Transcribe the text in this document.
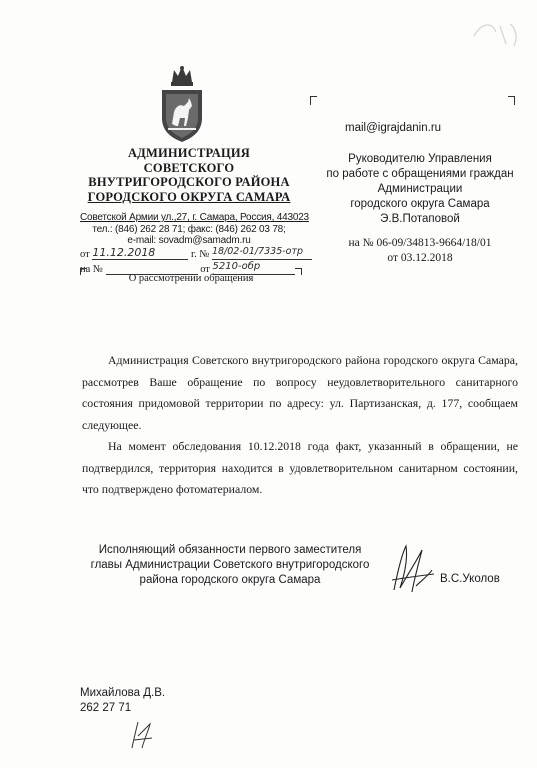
АДМИНИСТРАЦИЯ
СОВЕТСКОГО
ВНУТРИГОРОДСКОГО РАЙОНА
ГОРОДСКОГО ОКРУГА САМАРА
Советской Армии ул.,27, г. Самара, Россия, 443023
тел.: (846) 262 28 71; факс: (846) 262 03 78;
e-mail: sovadm@samadm.ru
от 11.12.2018	г. № 18/02-01/7335-отр
на №	от 5210-обр
О рассмотрении обращения
mail@igrajdanin.ru
Руководителю Управления
по работе с обращениями граждан
Администрации
городского округа Самара
Э.В.Потаповой
на № 06-09/34813-9664/18/01
от 03.12.2018

Администрация Советского внутригородского района городского округа Самара, рассмотрев Ваше обращение по вопросу неудовлетворительного санитарного состояния придомовой территории по адресу: ул. Партизанская, д. 177, сообщаем следующее.

На момент обследования 10.12.2018 года факт, указанный в обращении, не подтвердился, территория находится в удовлетворительном санитарном состоянии, что подтверждено фотоматериалом.

Исполняющий обязанности первого заместителя
главы Администрации Советского внутригородского
района городского округа Самара	В.С.Уколов
Михайлова Д.В.
262 27 71
